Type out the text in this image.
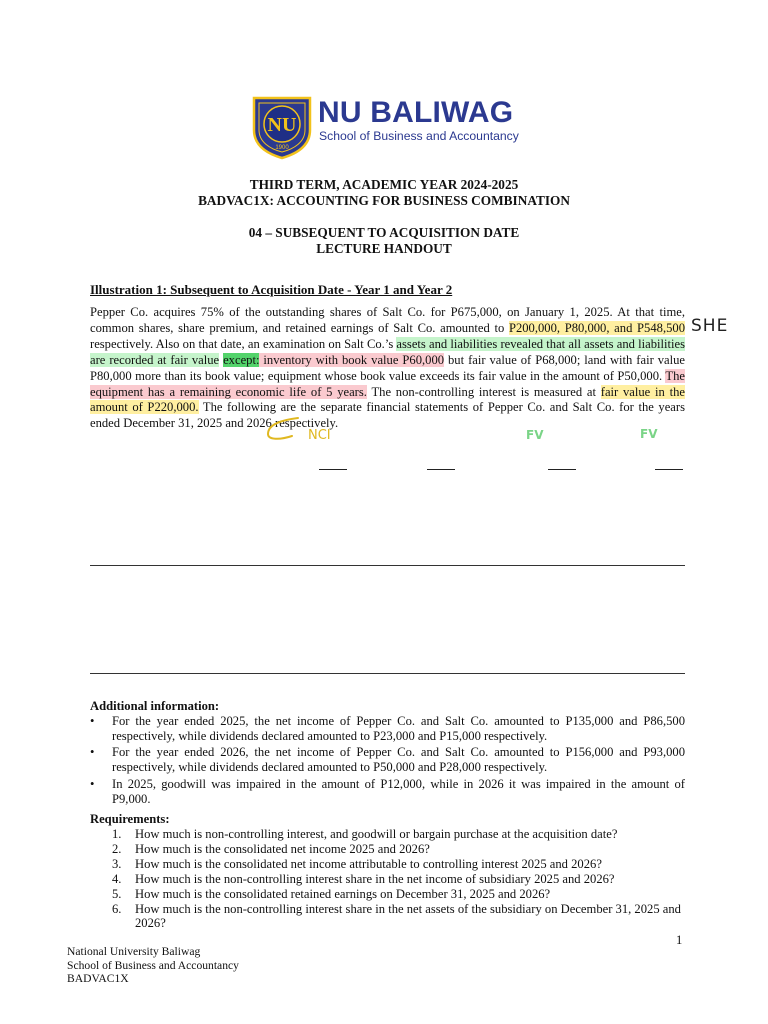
NU
1900
NU BALIWAG
School of Business and Accountancy
THIRD TERM, ACADEMIC YEAR 2024-2025
BADVAC1X: ACCOUNTING FOR BUSINESS COMBINATION
04 – SUBSEQUENT TO ACQUISITION DATE
LECTURE HANDOUT
Illustration 1: Subsequent to Acquisition Date - Year 1 and Year 2
Pepper Co. acquires 75% of the outstanding shares of Salt Co. for P675,000, on January 1, 2025. At that time, common shares, share premium, and retained earnings of Salt Co. amounted to P200,000, P80,000, and P548,500 respectively. Also on that date, an examination on Salt Co.’s assets and liabilities revealed that all assets and liabilities are recorded at fair value except: inventory with book value P60,000 but fair value of P68,000; land with fair value P80,000 more than its book value; equipment whose book value exceeds its fair value in the amount of P50,000. The equipment has a remaining economic life of 5 years. The non-controlling interest is measured at fair value in the amount of P220,000. The following are the separate financial statements of Pepper Co. and Salt Co. for the years ended December 31, 2025 and 2026 respectively.
SHE
NCI	FV	FV
Additional information:
• For the year ended 2025, the net income of Pepper Co. and Salt Co. amounted to P135,000 and P86,500 respectively, while dividends declared amounted to P23,000 and P15,000 respectively.
• For the year ended 2026, the net income of Pepper Co. and Salt Co. amounted to P156,000 and P93,000 respectively, while dividends declared amounted to P50,000 and P28,000 respectively.
• In 2025, goodwill was impaired in the amount of P12,000, while in 2026 it was impaired in the amount of P9,000.
Requirements:
1. How much is non-controlling interest, and goodwill or bargain purchase at the acquisition date?
2. How much is the consolidated net income 2025 and 2026?
3. How much is the consolidated net income attributable to controlling interest 2025 and 2026?
4. How much is the non-controlling interest share in the net income of subsidiary 2025 and 2026?
5. How much is the consolidated retained earnings on December 31, 2025 and 2026?
6. How much is the non-controlling interest share in the net assets of the subsidiary on December 31, 2025 and 2026?
1
National University Baliwag
School of Business and Accountancy
BADVAC1X
